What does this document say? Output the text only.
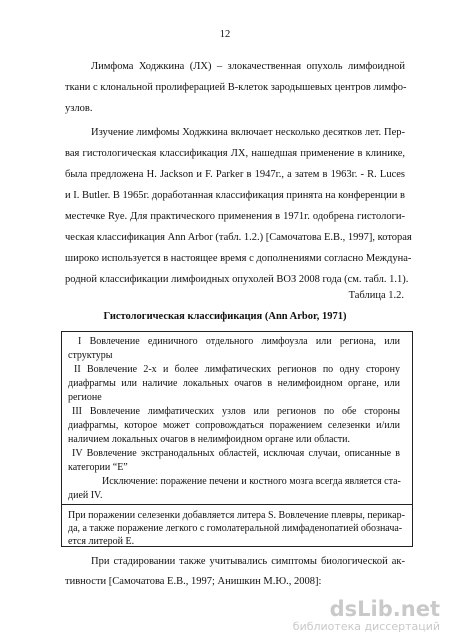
12
Лимфома Ходжкина (ЛХ) – злокачественная опухоль лимфоидной
ткани с клональной пролиферацией В-клеток зародышевых центров лимфо-
узлов.
Изучение лимфомы Ходжкина включает несколько десятков лет. Пер-
вая гистологическая классификация ЛХ, нашедшая применение в клинике,
была предложена H. Jackson и F. Parker в 1947г., а затем в 1963г. - R. Luces
и I. Butler. В 1965г. доработанная классификация принята на конференции в
местечке Rye. Для практического применения в 1971г. одобрена гистологи-
ческая классификация Ann Arbor (табл. 1.2.) [Самочатова Е.В., 1997], которая
широко используется в настоящее время с дополнениями согласно Междуна-
родной классификации лимфоидных опухолей ВОЗ 2008 года (см. табл. 1.1).
Таблица 1.2.
Гистологическая классификация (Ann Arbor, 1971)
I Вовлечение единичного отдельного лимфоузла или региона, или
структуры
II Вовлечение 2-х и более лимфатических регионов по одну сторону
диафрагмы или наличие локальных очагов в нелимфоидном органе, или
регионе
III Вовлечение лимфатических узлов или регионов по обе стороны
диафрагмы, которое может сопровождаться поражением селезенки и/или
наличием локальных очагов в нелимфоидном органе или области.
IV Вовлечение экстранодальных областей, исключая случаи, описанные в
категории “E”
Исключение: поражение печени и костного мозга всегда является ста-
дией IV.
При поражении селезенки добавляется литера S. Вовлечение плевры, перикар-
да, а также поражение легкого с гомолатеральной лимфаденопатией обознача-
ется литерой E.
При стадировании также учитывались симптомы биологической ак-
тивности [Самочатова Е.В., 1997; Анишкин М.Ю., 2008]:
dsLib.net
библиотека диссертаций
